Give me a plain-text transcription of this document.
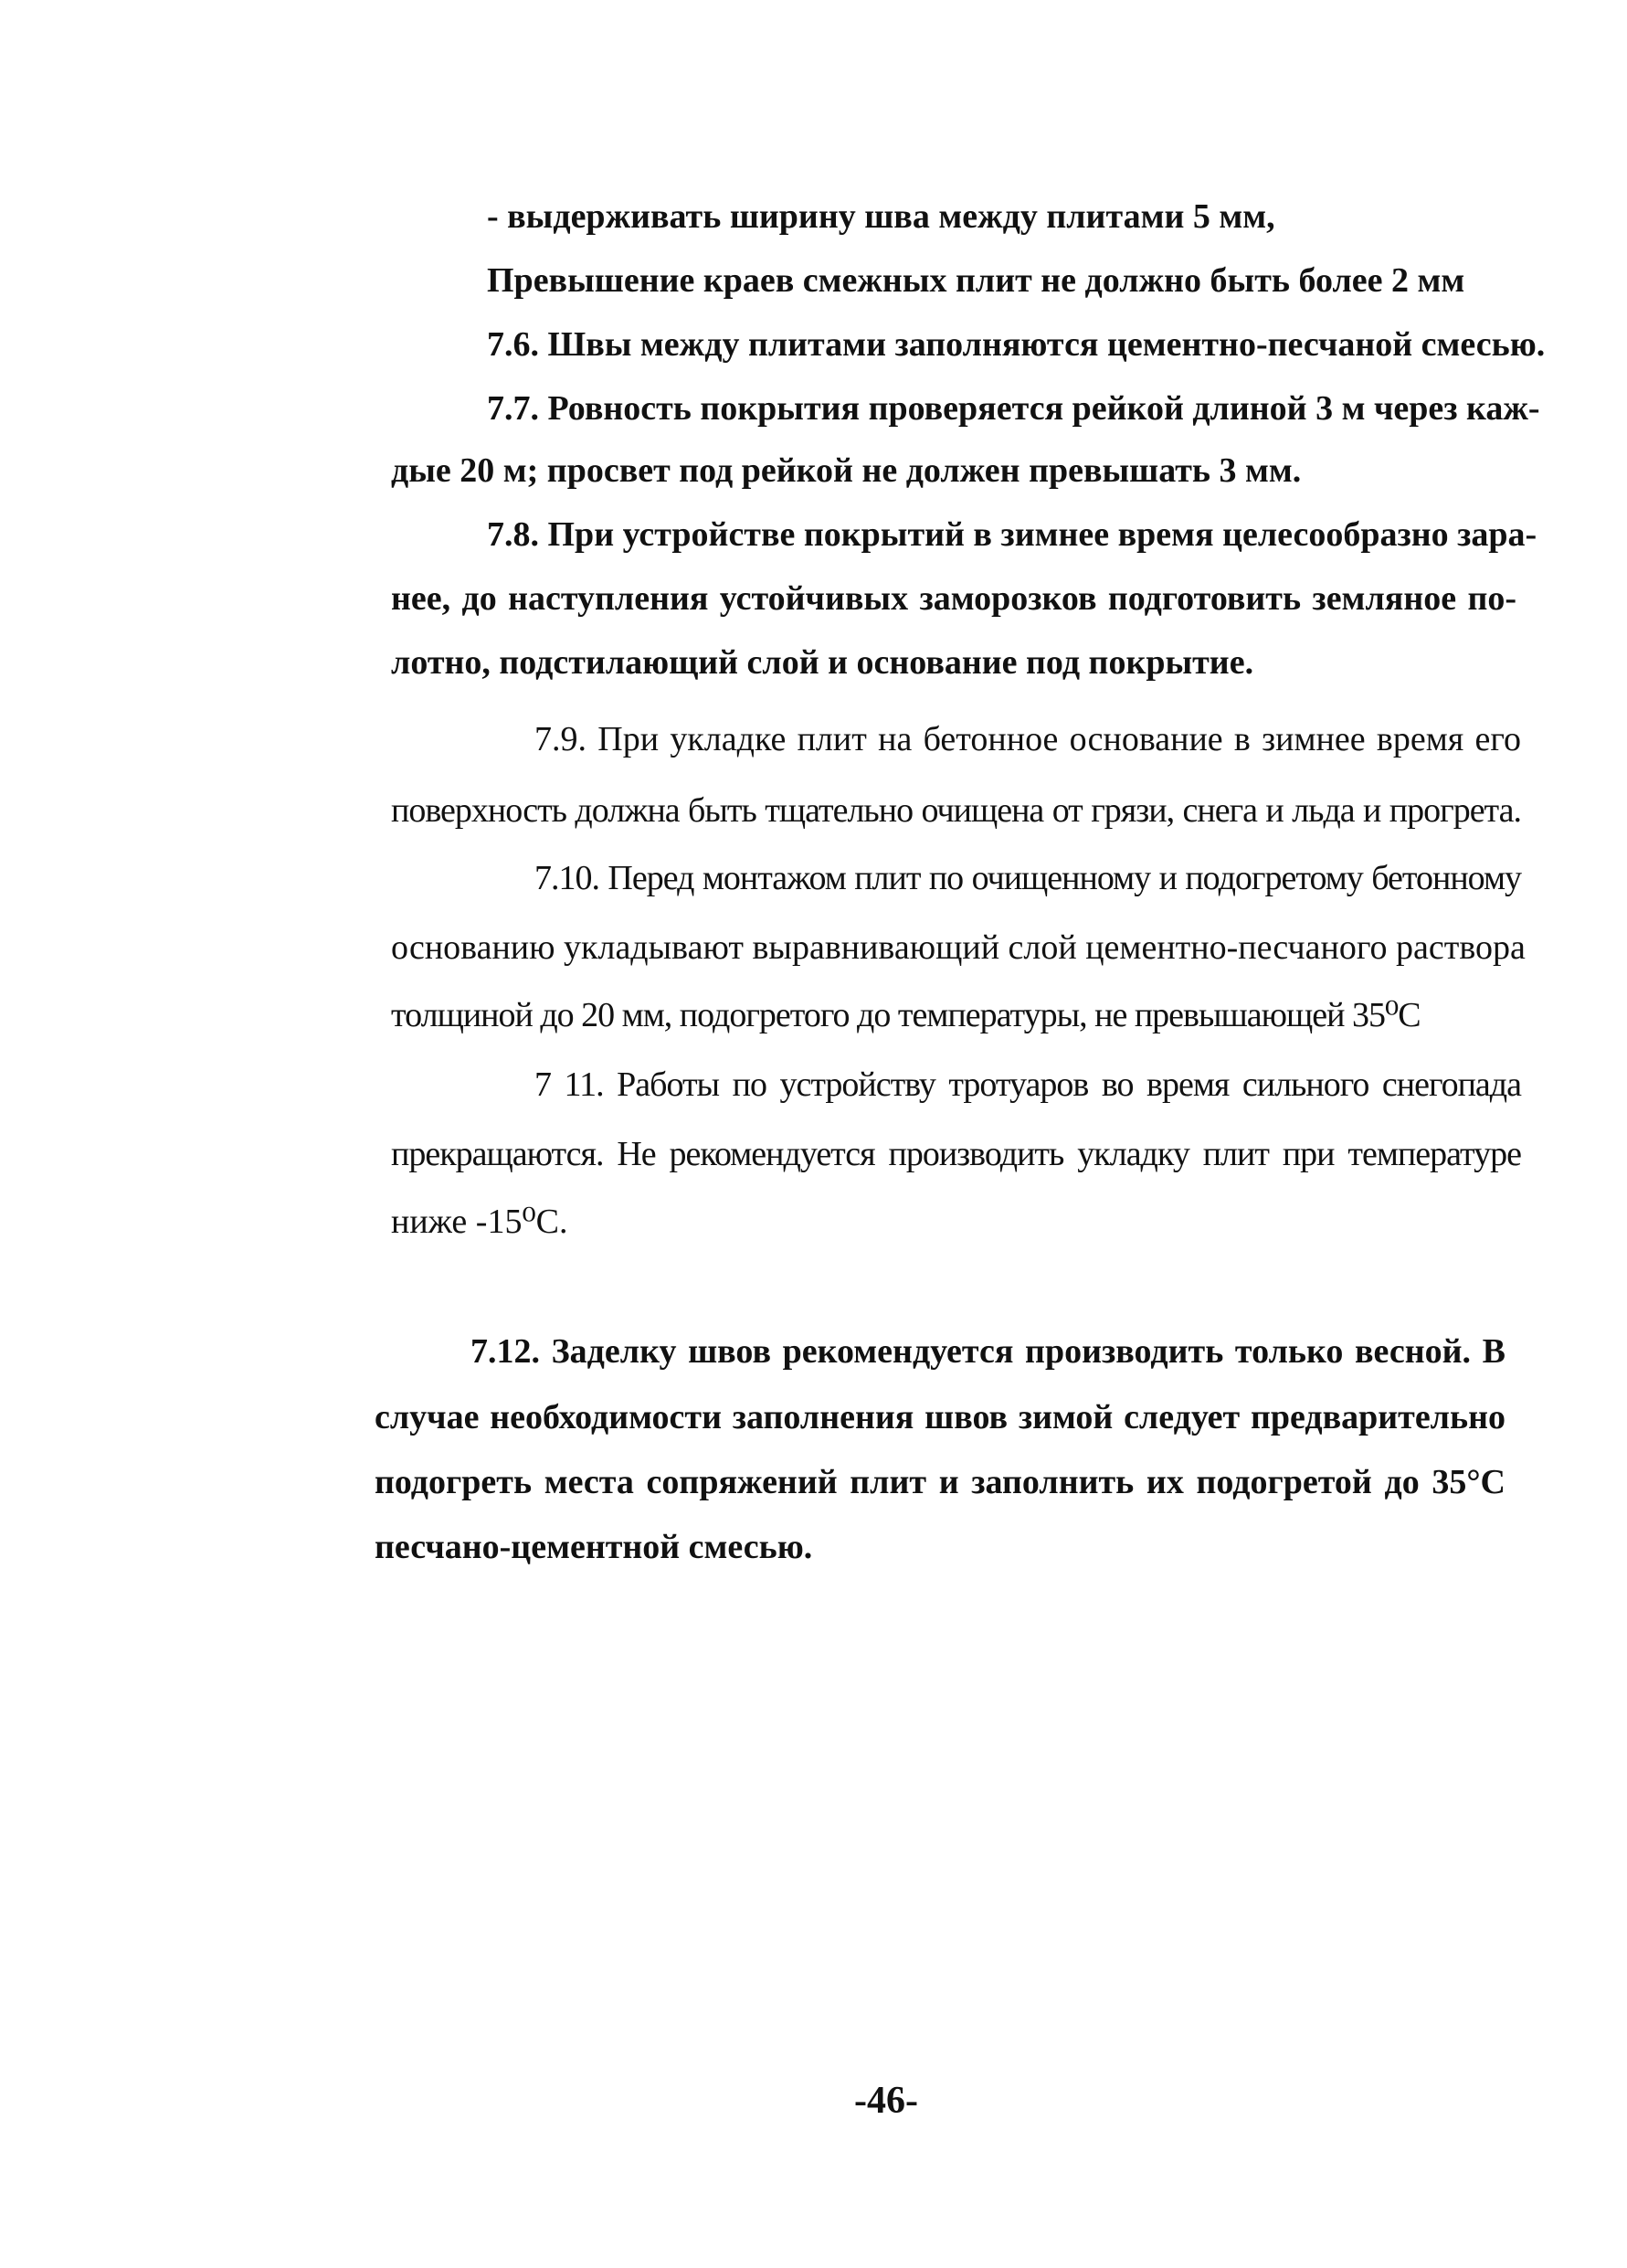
- выдерживать ширину шва между плитами 5 мм,
Превышение краев смежных плит не должно быть более 2 мм
7.6. Швы между плитами заполняются цементно-песчаной смесью.
7.7. Ровность покрытия проверяется рейкой длиной 3 м через каж-
дые 20 м; просвет под рейкой не должен превышать 3 мм.
7.8. При устройстве покрытий в зимнее время целесообразно зара-
нее, до наступления устойчивых заморозков подготовить земляное по-
лотно, подстилающий слой и основание под покрытие.
7.9. При укладке плит на бетонное основание в зимнее время его
поверхность должна быть тщательно очищена от грязи, снега и льда и прогрета.
7.10. Перед монтажом плит по очищенному и подогретому бетонному
основанию укладывают выравнивающий слой цементно-песчаного раствора
толщиной до 20 мм, подогретого до температуры, не превышающей 35⁰С
7 11. Работы по устройству тротуаров во время сильного снегопада
прекращаются. Не рекомендуется производить укладку плит при температуре
ниже -15⁰С.
7.12. Заделку швов рекомендуется производить только весной. В
случае необходимости заполнения швов зимой следует предварительно
подогреть места сопряжений плит и заполнить их подогретой до 35°С
песчано-цементной смесью.
-46-
